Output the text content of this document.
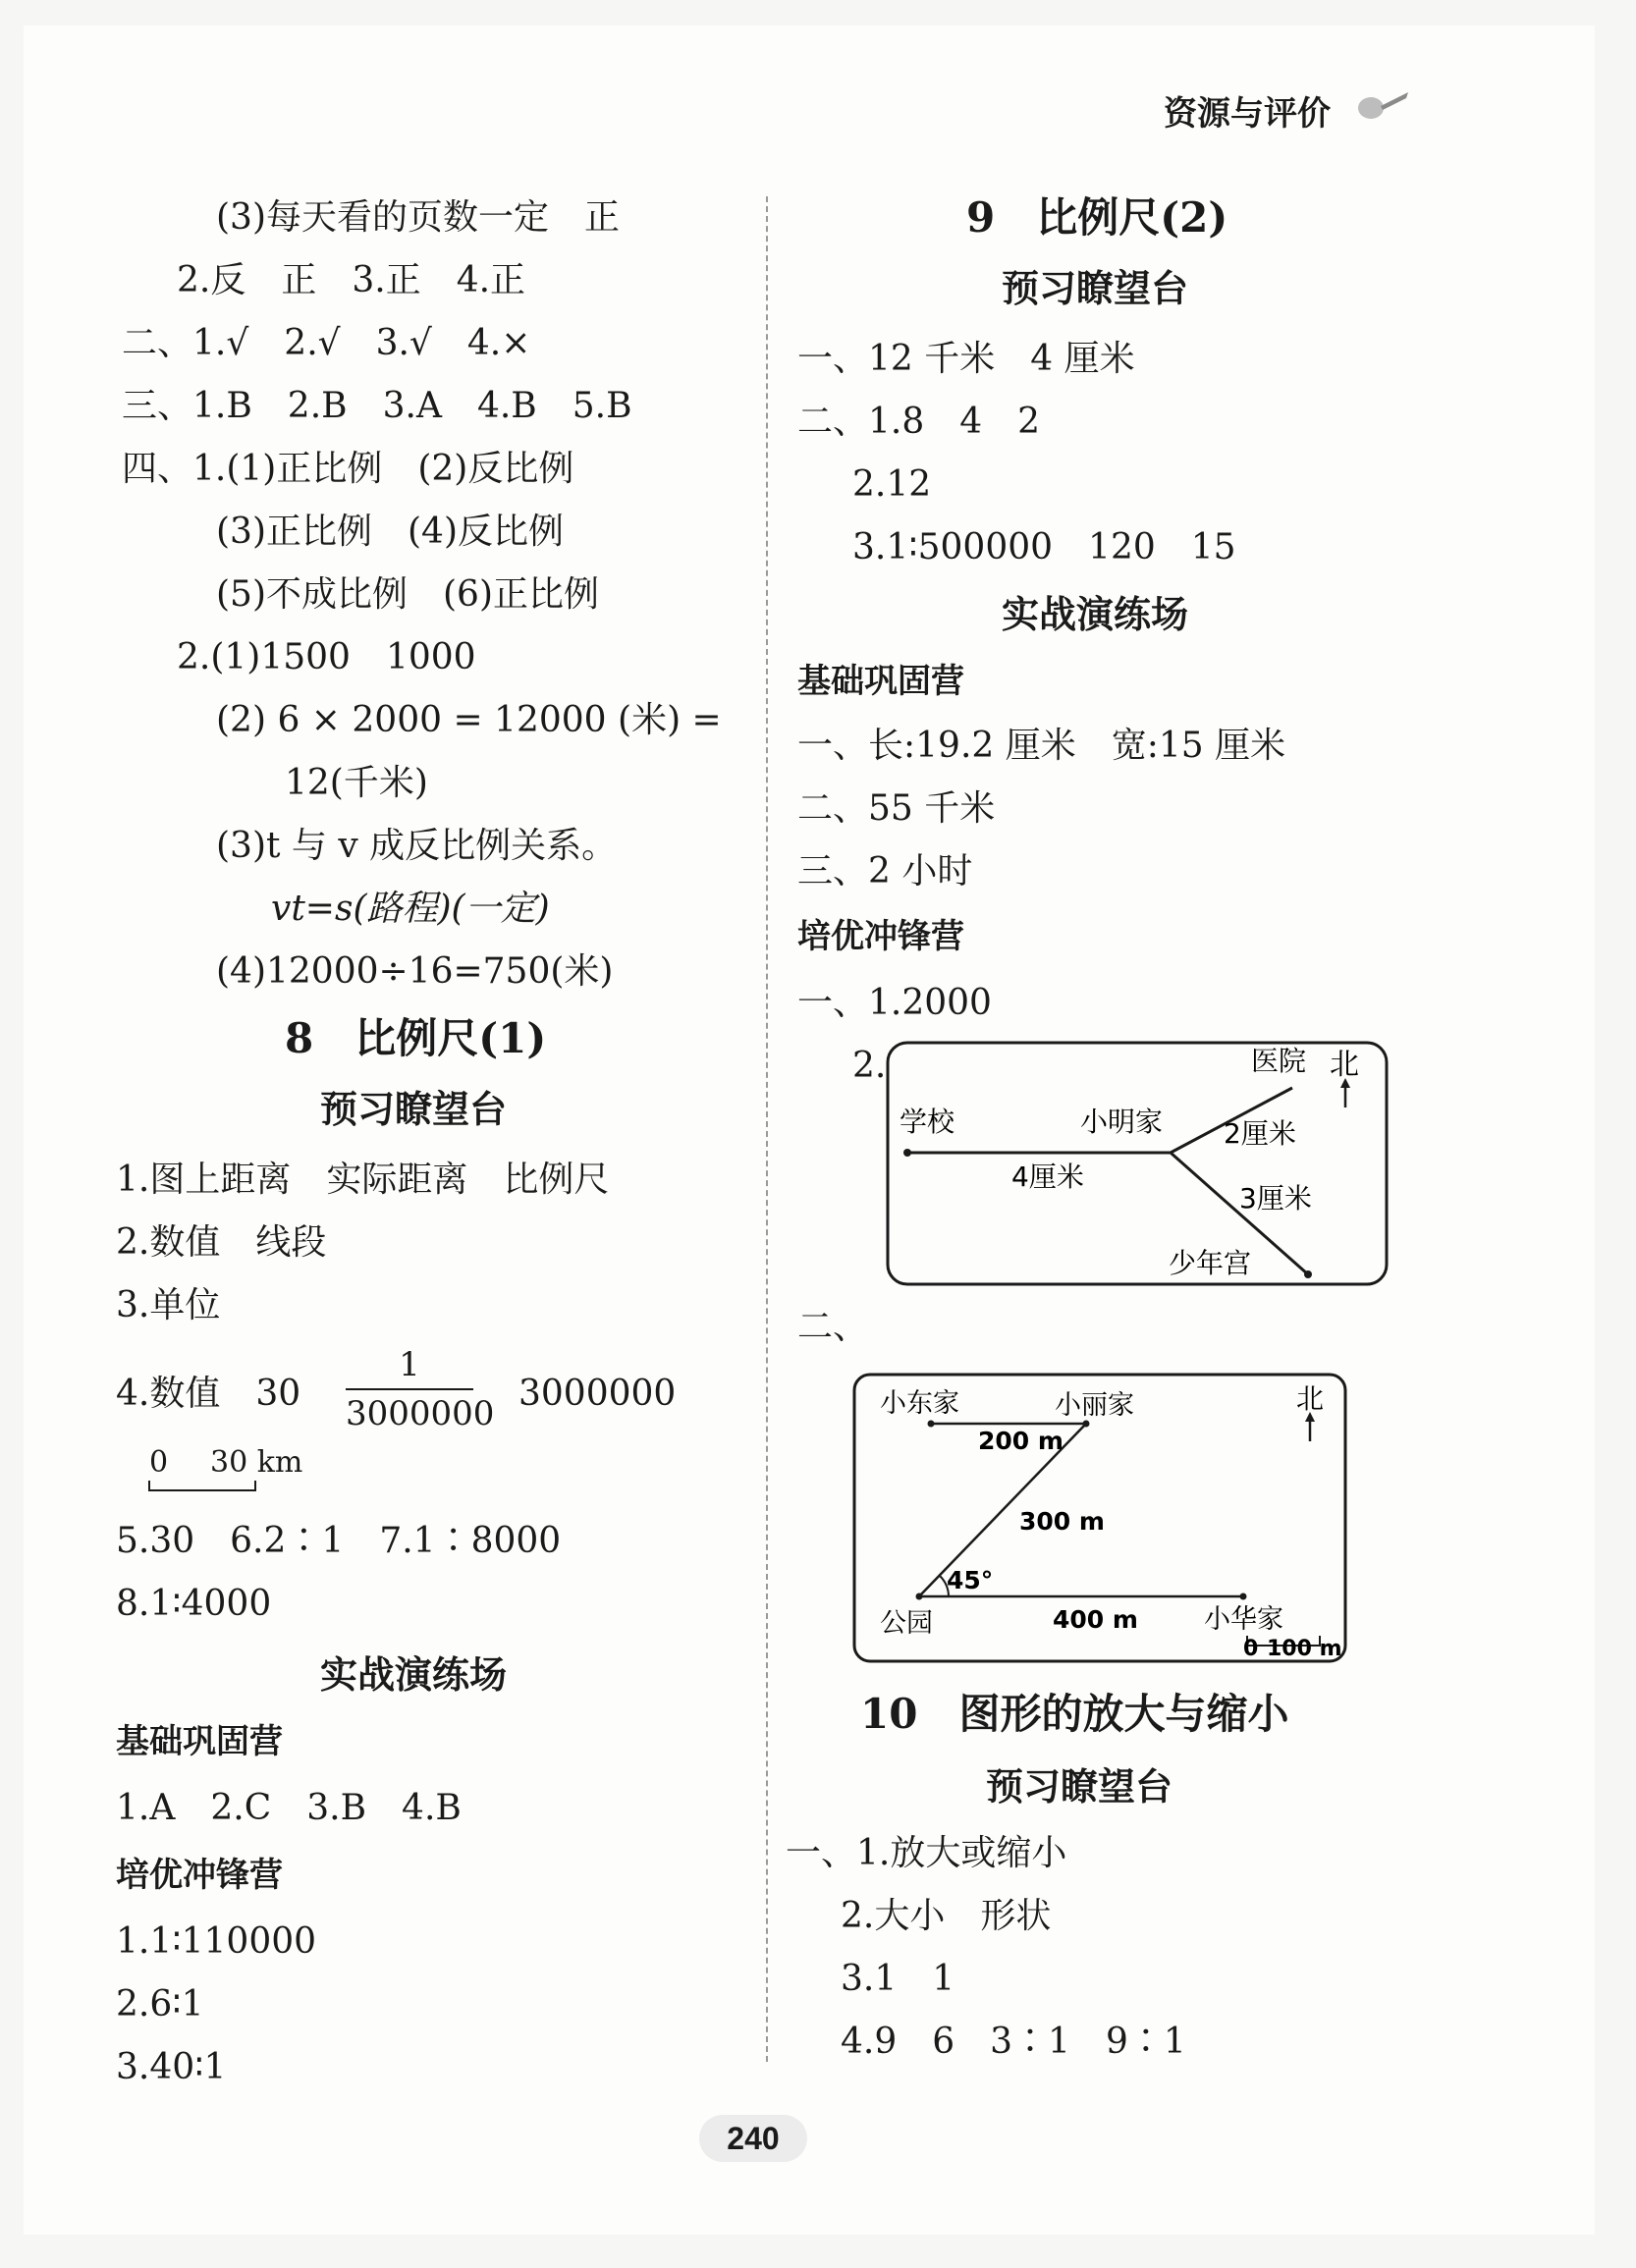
资源与评价
(3)每天看的页数一定　正
2.反　正　3.正　4.正
二、1.√　2.√　3.√　4.×
三、1.B　2.B　3.A　4.B　5.B
四、1.(1)正比例　(2)反比例
(3)正比例　(4)反比例
(5)不成比例　(6)正比例
2.(1)1500　1000
(2) 6 × 2000 = 12000 (米) =
12(千米)
(3)t 与 v 成反比例关系。
vt=s(路程)(一定)
(4)12000÷16=750(米)
8　比例尺(1)
预习瞭望台
1.图上距离　实际距离　比例尺
2.数值　线段
3.单位
4.数值　30
1
3000000 3000000
0 30 km
5.30　6.2∶1　7.1∶8000
8.1∶4000
实战演练场
基础巩固营
1.A　2.C　3.B　4.B
培优冲锋营
1.1∶110000
2.6∶1
3.40∶1
9　比例尺(2)
预习瞭望台
一、12 千米　4 厘米
二、1.8　4　2
2.12
3.1∶500000　120　15
实战演练场
基础巩固营
一、长:19.2 厘米　宽:15 厘米
二、55 千米
三、2 小时
培优冲锋营
一、1.2000
2.	医院 北
学校	小明家 2厘米
4厘米
3厘米
少年宫
二、
小东家	小丽家	北
200 m
300 m
45°
公园	400 m 小华家
0 100 m
10　图形的放大与缩小
预习瞭望台
一、1.放大或缩小
2.大小　形状
3.1　1
4.9　6　3∶1　9∶1
240
